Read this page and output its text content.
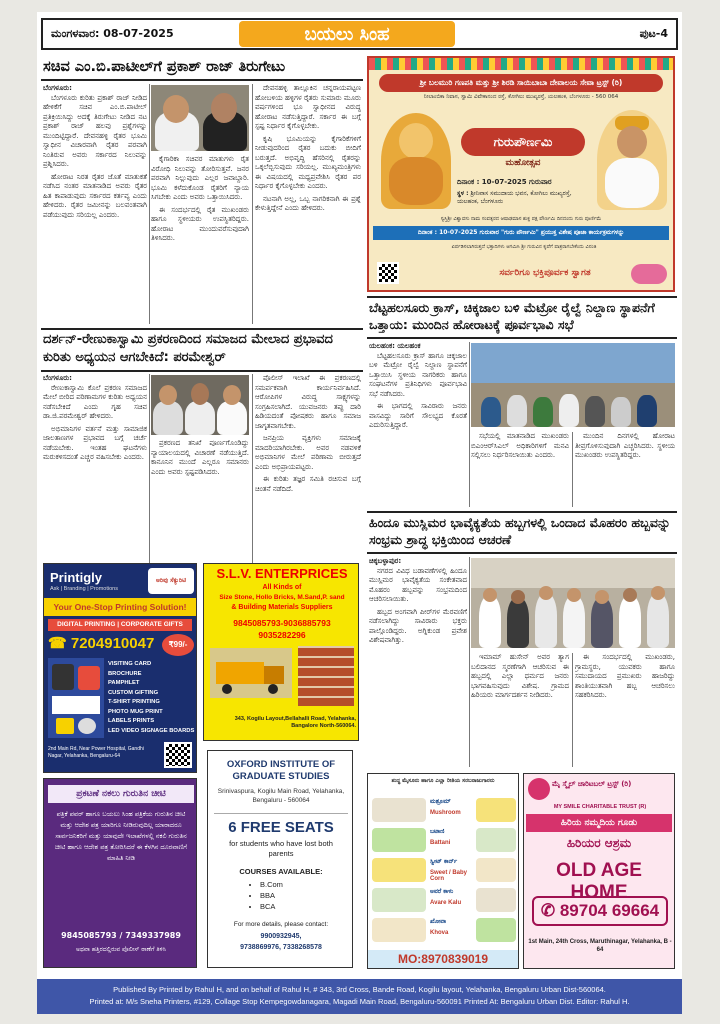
ಮಂಗಳವಾರ: 08-07-2025	ಬಯಲು ಸಿಂಹ	ಪುಟ-4
ಸಚಿವ ಎಂ.ಬಿ.ಪಾಟೀಲ್‌ಗೆ ಪ್ರಕಾಶ್ ರಾಜ್ ತಿರುಗೇಟು
ಬೆಂಗಳೂರು:

ಬೆಂಗಳೂರು ಕುರಿತು ಪ್ರಕಾಶ್ ರಾಜ್ ನೀಡಿದ ಹೇಳಿಕೆಗೆ ಸಚಿವ ಎಂ.ಬಿ.ಪಾಟೀಲ್ ಪ್ರತಿಕ್ರಿಯಿಸಿದ್ದು ಅದಕ್ಕೆ ತಿರುಗೇಟು ನೀಡಿದ ನಟ ಪ್ರಕಾಶ್ ರಾಜ್ ಹಲವು ಪ್ರಶ್ನೆಗಳನ್ನು ಮುಂದಿಟ್ಟಿದ್ದಾರೆ. ದೇವನಹಳ್ಳಿ ರೈತರ ಭೂಮಿ ಸ್ವಾಧೀನ ವಿಚಾರವಾಗಿ ರೈತರ ಪರವಾಗಿ ನಿಂತಿರುವ ಅವರು ಸರ್ಕಾರದ ನಿಲುವನ್ನು ಪ್ರಶ್ನಿಸಿದರು.

ಹೋರಾಟ ನಿರತ ರೈತರ ಜೊತೆ ಮಾತುಕತೆ ನಡೆಸಿದ ನಂತರ ಮಾತನಾಡಿದ ಅವರು ರೈತರ ಹಿತ ಕಾಪಾಡುವುದು ಸರ್ಕಾರದ ಕರ್ತವ್ಯ ಎಂದು ಹೇಳಿದರು. ರೈತರ ಜಮೀನನ್ನು ಬಲವಂತವಾಗಿ ಪಡೆಯುವುದು ಸರಿಯಲ್ಲ ಎಂದರು.

ಕೈಗಾರಿಕಾ ಸಚಿವರ ಮಾತುಗಳು ರೈತ ವಿರೋಧಿ ನಿಲುವನ್ನು ತೋರಿಸುತ್ತವೆ. ಜನರ ಪರವಾಗಿ ನಿಲ್ಲುವುದು ಎಲ್ಲರ ಜವಾಬ್ದಾರಿ. ಭೂಮಿ ಕಳೆದುಕೊಂಡ ರೈತರಿಗೆ ನ್ಯಾಯ ಸಿಗಬೇಕು ಎಂದು ಅವರು ಒತ್ತಾಯಿಸಿದರು.

ಈ ಸಂದರ್ಭದಲ್ಲಿ ರೈತ ಮುಖಂಡರು ಹಾಗೂ ಸ್ಥಳೀಯರು ಉಪಸ್ಥಿತರಿದ್ದರು. ಹೋರಾಟ ಮುಂದುವರೆಸುವುದಾಗಿ ತಿಳಿಸಿದರು.

ದೇವನಹಳ್ಳಿ ತಾಲ್ಲೂಕಿನ ಚನ್ನರಾಯಪಟ್ಟಣ ಹೋಬಳಿಯ ಹಳ್ಳಿಗಳ ರೈತರು ಸುಮಾರು ಮೂರು ವರ್ಷಗಳಿಂದ ಭೂ ಸ್ವಾಧೀನದ ವಿರುದ್ಧ ಹೋರಾಟ ನಡೆಸುತ್ತಿದ್ದಾರೆ. ಸರ್ಕಾರ ಈ ಬಗ್ಗೆ ಸ್ಪಷ್ಟ ನಿರ್ಧಾರ ಕೈಗೊಳ್ಳಬೇಕು.

ಕೃಷಿ ಭೂಮಿಯನ್ನು ಕೈಗಾರಿಕೆಗಳಿಗೆ ನೀಡುವುದರಿಂದ ರೈತರ ಬದುಕು ಬೀದಿಗೆ ಬರುತ್ತದೆ. ಅಭಿವೃದ್ಧಿ ಹೆಸರಿನಲ್ಲಿ ರೈತರನ್ನು ಒಕ್ಕಲೆಬ್ಬಿಸುವುದು ಸರಿಯಲ್ಲ. ಮುಖ್ಯಮಂತ್ರಿಗಳು ಈ ವಿಷಯದಲ್ಲಿ ಮಧ್ಯಪ್ರವೇಶಿಸಿ ರೈತರ ಪರ ನಿರ್ಧಾರ ಕೈಗೊಳ್ಳಬೇಕು ಎಂದರು.

ನಟನಾಗಿ ಅಲ್ಲ, ಒಬ್ಬ ನಾಗರಿಕನಾಗಿ ಈ ಪ್ರಶ್ನೆ ಕೇಳುತ್ತಿದ್ದೇನೆ ಎಂದು ಹೇಳಿದರು.

ದರ್ಶನ್-ರೇಣುಕಾಸ್ವಾಮಿ ಪ್ರಕರಣದಿಂದ ಸಮಾಜದ ಮೇಲಾದ ಪ್ರಭಾವದ ಕುರಿತು ಅಧ್ಯಯನ ಆಗಬೇಕಿದೆ: ಪರಮೇಶ್ವರ್
ಬೆಂಗಳೂರು:

ರೇಣುಕಾಸ್ವಾಮಿ ಕೊಲೆ ಪ್ರಕರಣ ಸಮಾಜದ ಮೇಲೆ ಬೀರಿದ ಪರಿಣಾಮಗಳ ಕುರಿತು ಅಧ್ಯಯನ ನಡೆಸಬೇಕಿದೆ ಎಂದು ಗೃಹ ಸಚಿವ ಡಾ.ಜಿ.ಪರಮೇಶ್ವರ್ ಹೇಳಿದರು.

ಅಭಿಮಾನಿಗಳ ವರ್ತನೆ ಮತ್ತು ಸಾಮಾಜಿಕ ಜಾಲತಾಣಗಳ ಪ್ರಭಾವದ ಬಗ್ಗೆ ಚರ್ಚೆ ನಡೆಯಬೇಕು. ಇಂತಹ ಘಟನೆಗಳು ಮರುಕಳಿಸದಂತೆ ಎಚ್ಚರ ವಹಿಸಬೇಕು ಎಂದರು.

ಪ್ರಕರಣದ ತನಿಖೆ ಪೂರ್ಣಗೊಂಡಿದ್ದು ನ್ಯಾಯಾಲಯದಲ್ಲಿ ವಿಚಾರಣೆ ನಡೆಯುತ್ತಿದೆ. ಕಾನೂನಿನ ಮುಂದೆ ಎಲ್ಲರೂ ಸಮಾನರು ಎಂದು ಅವರು ಸ್ಪಷ್ಟಪಡಿಸಿದರು.

ಪೊಲೀಸ್ ಇಲಾಖೆ ಈ ಪ್ರಕರಣದಲ್ಲಿ ಸಮರ್ಪಕವಾಗಿ ಕಾರ್ಯನಿರ್ವಹಿಸಿದೆ. ಆರೋಪಿಗಳ ವಿರುದ್ಧ ಸಾಕ್ಷ್ಯಗಳನ್ನು ಸಂಗ್ರಹಿಸಲಾಗಿದೆ. ಯುವಜನರು ತಪ್ಪು ದಾರಿ ಹಿಡಿಯದಂತೆ ಪೋಷಕರು ಹಾಗೂ ಸಮಾಜ ಜಾಗೃತವಾಗಬೇಕು.

ಜನಪ್ರಿಯ ವ್ಯಕ್ತಿಗಳು ಸಮಾಜಕ್ಕೆ ಮಾದರಿಯಾಗಿರಬೇಕು. ಅವರ ನಡವಳಿಕೆ ಅಭಿಮಾನಿಗಳ ಮೇಲೆ ಪರಿಣಾಮ ಬೀರುತ್ತದೆ ಎಂದು ಅಭಿಪ್ರಾಯಪಟ್ಟರು.

ಈ ಕುರಿತು ತಜ್ಞರ ಸಮಿತಿ ರಚಿಸುವ ಬಗ್ಗೆ ಚಿಂತನೆ ನಡೆದಿದೆ.

ಶ್ರೀ ಬಲಮುರಿ ಗಣಪತಿ ಮತ್ತು ಶ್ರೀ ಶಿರಡಿ ಸಾಯಿಬಾಬಾ ದೇವಾಲಯ ಸೇವಾ ಟ್ರಸ್ಟ್ (ರಿ)
ನೀಲಾಂಬಿಕಾ ನಿವಾಸ, ಸ್ವಾಮಿ ವಿವೇಕಾನಂದ ರಸ್ತೆ, ಕೋಗಿಲು ಮುಖ್ಯರಸ್ತೆ, ಯಲಹಂಕ, ಬೆಂಗಳೂರು - 560 064
ಗುರುಪೌರ್ಣಮಿ
ಮಹೋತ್ಸವ
ದಿನಾಂಕ : 10-07-2025 ಗುರುವಾರ
ಸ್ಥಳ : ಶ್ರೀನಿವಾಸ ಸಮುದಾಯ ಭವನ, ಕೋಗಿಲು ಮುಖ್ಯರಸ್ತೆ, ಯಲಹಂಕ, ಬೆಂಗಳೂರು
ಸ್ವಸ್ತಿಶ್ರೀ ವಿಶ್ವಾವಸು ನಾಮ ಸಂವತ್ಸರದ ಆಷಾಢಮಾಸ ಶುಕ್ಲ ಪಕ್ಷ ಪೌರ್ಣಮಿ ದಿನದಂದು ಗುರು ಪೂರ್ಣಿಮೆ
ದಿನಾಂಕ : 10-07-2025 ಗುರುವಾರ "ಗುರು ಪೌರ್ಣಮಿ" ಪ್ರಯುಕ್ತ ವಿಶೇಷ ಪೂಜಾ ಕಾರ್ಯಕ್ರಮಗಳನ್ನು
ಏರ್ಪಡಿಸಲಾಗಿರುತ್ತದೆ ಭಕ್ತಾದಿಗಳು ಆಗಮಿಸಿ ಶ್ರೀ ಗುರುವಿನ ಕೃಪೆಗೆ ಪಾತ್ರರಾಗಬೇಕೆಂದು ವಿನಂತಿ
ಸರ್ವರಿಗೂ ಭಕ್ತಿಪೂರ್ವಕ ಸ್ವಾಗತ
ಬೆಟ್ಟಹಲಸೂರು ಕ್ರಾಸ್, ಚಿಕ್ಕಜಾಲ ಬಳಿ ಮೆಟ್ರೋ ರೈಲ್ವೆ ನಿಲ್ದಾಣ ಸ್ಥಾಪನೆಗೆ ಒತ್ತಾಯ: ಮುಂದಿನ ಹೋರಾಟಕ್ಕೆ ಪೂರ್ವಭಾವಿ ಸಭೆ
ಯಲಹಂಕ: ಯಲಹಂಕ

ಬೆಟ್ಟಹಲಸೂರು ಕ್ರಾಸ್ ಹಾಗೂ ಚಿಕ್ಕಜಾಲ ಬಳಿ ಮೆಟ್ರೋ ರೈಲ್ವೆ ನಿಲ್ದಾಣ ಸ್ಥಾಪನೆಗೆ ಒತ್ತಾಯಿಸಿ ಸ್ಥಳೀಯ ನಾಗರಿಕರು ಹಾಗೂ ಸಂಘಟನೆಗಳ ಪ್ರತಿನಿಧಿಗಳು ಪೂರ್ವಭಾವಿ ಸಭೆ ನಡೆಸಿದರು.

ಈ ಭಾಗದಲ್ಲಿ ಸಾವಿರಾರು ಜನರು ವಾಸವಿದ್ದು ಸಾರಿಗೆ ಸೌಲಭ್ಯದ ಕೊರತೆ ಎದುರಿಸುತ್ತಿದ್ದಾರೆ.

ಸಭೆಯಲ್ಲಿ ಮಾತನಾಡಿದ ಮುಖಂಡರು ಬಿಎಂಆರ್‌ಸಿಎಲ್ ಅಧಿಕಾರಿಗಳಿಗೆ ಮನವಿ ಸಲ್ಲಿಸಲು ನಿರ್ಧರಿಸಲಾಯಿತು ಎಂದರು.

ಮುಂದಿನ ದಿನಗಳಲ್ಲಿ ಹೋರಾಟ ತೀವ್ರಗೊಳಿಸುವುದಾಗಿ ಎಚ್ಚರಿಸಿದರು. ಸ್ಥಳೀಯ ಮುಖಂಡರು ಉಪಸ್ಥಿತರಿದ್ದರು.

ಹಿಂದೂ ಮುಸ್ಲಿಮರ ಭಾವೈಕ್ಯತೆಯ ಹಬ್ಬಗಳಲ್ಲಿ ಒಂದಾದ ಮೊಹರಂ ಹಬ್ಬವನ್ನು ಸಂಭ್ರಮ ಶ್ರಾದ್ಧ ಭಕ್ತಿಯಿಂದ ಆಚರಣೆ
ಚಿಕ್ಕಬಳ್ಳಾಪುರ:

ನಗರದ ವಿವಿಧ ಬಡಾವಣೆಗಳಲ್ಲಿ ಹಿಂದೂ ಮುಸ್ಲಿಮರ ಭಾವೈಕ್ಯತೆಯ ಸಂಕೇತವಾದ ಮೊಹರಂ ಹಬ್ಬವನ್ನು ಸಂಭ್ರಮದಿಂದ ಆಚರಿಸಲಾಯಿತು.

ಹಬ್ಬದ ಅಂಗವಾಗಿ ಪೀರ್‌ಗಳ ಮೆರವಣಿಗೆ ನಡೆಸಲಾಗಿದ್ದು ಸಾವಿರಾರು ಭಕ್ತರು ಪಾಲ್ಗೊಂಡಿದ್ದರು. ಅಗ್ನಿಕುಂಡ ಪ್ರವೇಶ ವಿಶೇಷವಾಗಿತ್ತು.

ಇಮಾಮ್ ಹುಸೇನ್ ಅವರ ತ್ಯಾಗ ಬಲಿದಾನದ ಸ್ಮರಣೆಗಾಗಿ ಆಚರಿಸುವ ಈ ಹಬ್ಬದಲ್ಲಿ ಎಲ್ಲಾ ಧರ್ಮದ ಜನರು ಭಾಗವಹಿಸುವುದು ವಿಶೇಷ. ಗ್ರಾಮದ ಹಿರಿಯರು ಮಾರ್ಗದರ್ಶನ ನೀಡಿದರು.

ಈ ಸಂದರ್ಭದಲ್ಲಿ ಮುಖಂಡರು, ಗ್ರಾಮಸ್ಥರು, ಯುವಕರು ಹಾಗೂ ಸಮುದಾಯದ ಪ್ರಮುಖರು ಹಾಜರಿದ್ದು ಶಾಂತಿಯುತವಾಗಿ ಹಬ್ಬ ಆಚರಿಸಲು ಸಹಕರಿಸಿದರು.

Printigly
Ask | Branding | Promotions
ಅರಿವು ಸೆಕ್ಯುರಿಟಿ
Your One-Stop Printing Solution!
DIGITAL PRINTING | CORPORATE GIFTS
☎ 7204910047	₹99/-
VISITING CARD
BROCHURE
PAMPHLET
CUSTOM GIFTING
T-SHIRT PRINTING
PHOTO MUG PRINT
LABELS PRINTS
LED VIDEO SIGNAGE BOARDS
2nd Main Rd, Near Power Hospital, Gandhi Nagar, Yelahanka, Bengaluru-64
S.L.V. ENTERPRICES
All Kinds of
Size Stone, Hollo Bricks, M.Sand,P. sand
& Building Materials Suppliers
9845085793-9036885793
9035282296
343, Kogilu Layout,Bellahalli Road, Yelahanka, Bangalore North-560064.
ಪ್ರಕಟಣೆ ನಕಲು ಗುರುತಿನ ಚೀಟಿ
ಪತ್ರಿಕೆ ಪವರ್ ಹಾಗೂ ಬಯಲು ಸಿಂಹ ಪತ್ರಿಕೆಯ ಗುರುತಿನ ಚೀಟಿ ಮತ್ತು ಆದೇಶ ಪತ್ರ ಯಾರಿಗೂ ನೀಡಿರುವುದಿಲ್ಲ ಯಾರಾದರೂ ಸಾರ್ವಜನಿಕರಿಗೆ ಮತ್ತು ಯಾವುದೇ ಇಲಾಖೆಗಳಲ್ಲಿ ನಕಲಿ ಗುರುತಿನ ಚೀಟಿ ಹಾಗೂ ಆದೇಶ ಪತ್ರ ತೋರಿಸಿದರೆ ಈ ಕೆಳಗಿನ ದೂರವಾಣಿಗೆ ಮಾಹಿತಿ ನೀಡಿ
9845085793 / 7349337989
ಅಥವಾ ಹತ್ತಿರದಲ್ಲಿರುವ ಪೊಲೀಸ್ ಠಾಣೆಗೆ ತಿಳಿಸಿ
OXFORD INSTITUTE OF GRADUATE STUDIES
Srinivaspura, Kogilu Main Road, Yelahanka, Bengaluru - 560064
6 FREE SEATS
for students who have lost both parents
COURSES AVAILABLE:
• B.Com
• BBA
• BCA
For more details, please contact:
9900932945,
9738869976, 7338268578
ಶುದ್ಧ ಮೈಸೂರು ಹಾಗೂ ಎಲ್ಲಾ ರೀತಿಯ ಸರಬರಾಜುಗಾರರು
ಮಶ್ರೂಮ್
Mushroom
ಬಟಾಣಿ
Battani
ಸ್ವೀಟ್ ಕಾರ್ನ್
Sweet / Baby Corn
ಅವರೆ ಕಾಳು
Avare Kalu
ಖೋವಾ
Khova
MO:8970839019
ಮೈ ಸ್ಮೈಲ್ ಚಾರಿಟಬಲ್ ಟ್ರಸ್ಟ್ (ರಿ)
MY SMILE CHARITABLE TRUST (R)
ಹಿರಿಯ ನಮ್ಮದಿಯ ಗೂಡು
ಹಿರಿಯರ ಆಶ್ರಮ
OLD AGE HOME
✆ 89704 69664
1st Main, 24th Cross, Maruthinagar, Yelahanka, B - 64
Published By Printed by Rahul H, and on behalf of Rahul H, # 343, 3rd Cross, Bande Road, Kogilu layout, Yelahanka, Bengaluru Urban Dist-560064.
Printed at: M/s Sneha Printers, #129, Collage Stop Kempegowdanagara, Magadi Main Road, Bengaluru-560091 Printed At: Bengaluru Urban Dist. Editor: Rahul H.
